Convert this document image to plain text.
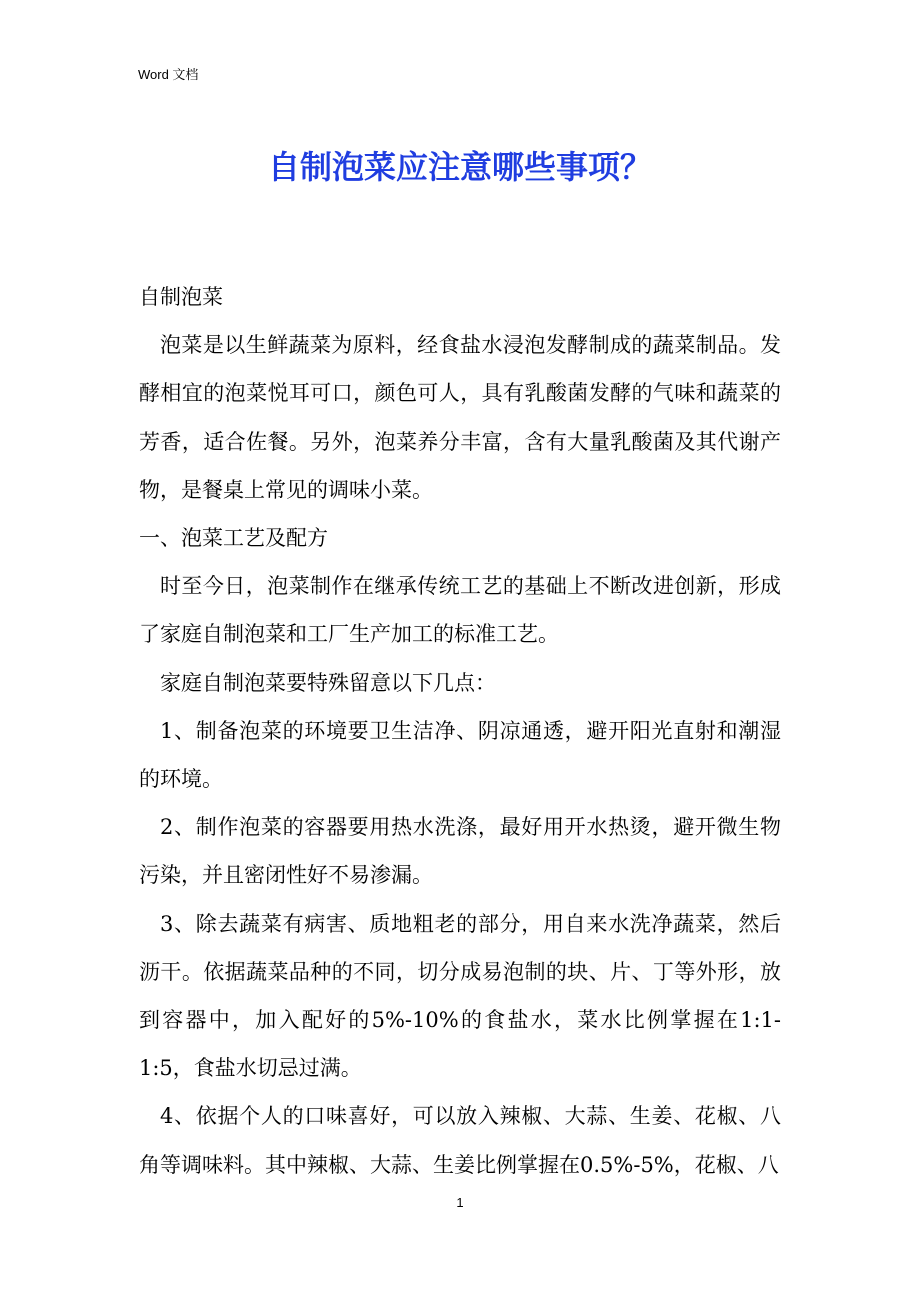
Word 文档
自制泡菜应注意哪些事项？

自制泡菜

泡菜是以生鲜蔬菜为原料，经食盐水浸泡发酵制成的蔬菜制品。发酵相宜的泡菜悦耳可口，颜色可人，具有乳酸菌发酵的气味和蔬菜的芳香，适合佐餐。另外，泡菜养分丰富，含有大量乳酸菌及其代谢产物，是餐桌上常见的调味小菜。

一、泡菜工艺及配方

时至今日，泡菜制作在继承传统工艺的基础上不断改进创新，形成了家庭自制泡菜和工厂生产加工的标准工艺。

家庭自制泡菜要特殊留意以下几点：

1、制备泡菜的环境要卫生洁净、阴凉通透，避开阳光直射和潮湿的环境。

2、制作泡菜的容器要用热水洗涤，最好用开水热烫，避开微生物污染，并且密闭性好不易渗漏。

3、除去蔬菜有病害、质地粗老的部分，用自来水洗净蔬菜，然后沥干。依据蔬菜品种的不同，切分成易泡制的块、片、丁等外形，放到容器中，加入配好的5%-10%的食盐水，菜水比例掌握在1:1-1:5，食盐水切忌过满。

4、依据个人的口味喜好，可以放入辣椒、大蒜、生姜、花椒、八角等调味料。其中辣椒、大蒜、生姜比例掌握在0.5%-5%，花椒、八

1
